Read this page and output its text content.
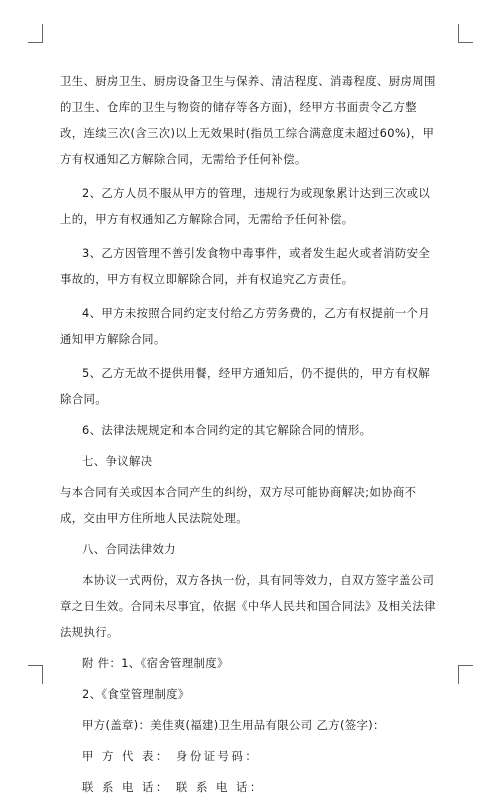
卫生、厨房卫生、厨房设备卫生与保养、清洁程度、消毒程度、厨房周围的卫生、仓库的卫生与物资的储存等各方面)，经甲方书面责令乙方整改，连续三次(含三次)以上无效果时(指员工综合满意度未超过60%)，甲方有权通知乙方解除合同，无需给予任何补偿。

2、乙方人员不服从甲方的管理，违规行为或现象累计达到三次或以上的，甲方有权通知乙方解除合同，无需给予任何补偿。

3、乙方因管理不善引发食物中毒事件，或者发生起火或者消防安全事故的，甲方有权立即解除合同，并有权追究乙方责任。

4、甲方未按照合同约定支付给乙方劳务费的，乙方有权提前一个月通知甲方解除合同。

5、乙方无故不提供用餐，经甲方通知后，仍不提供的，甲方有权解除合同。

6、法律法规规定和本合同约定的其它解除合同的情形。

七、争议解决

与本合同有关或因本合同产生的纠纷，双方尽可能协商解决;如协商不成，交由甲方住所地人民法院处理。

八、合同法律效力

本协议一式两份，双方各执一份，具有同等效力，自双方签字盖公司章之日生效。合同未尽事宜，依据《中华人民共和国合同法》及相关法律法规执行。

附 件：1、《宿舍管理制度》

2、《食堂管理制度》

甲方(盖章)：美佳爽(福建)卫生用品有限公司 乙方(签字)：

甲 方 代 表： 身份证号码：

联 系 电 话： 联 系 电 话：
